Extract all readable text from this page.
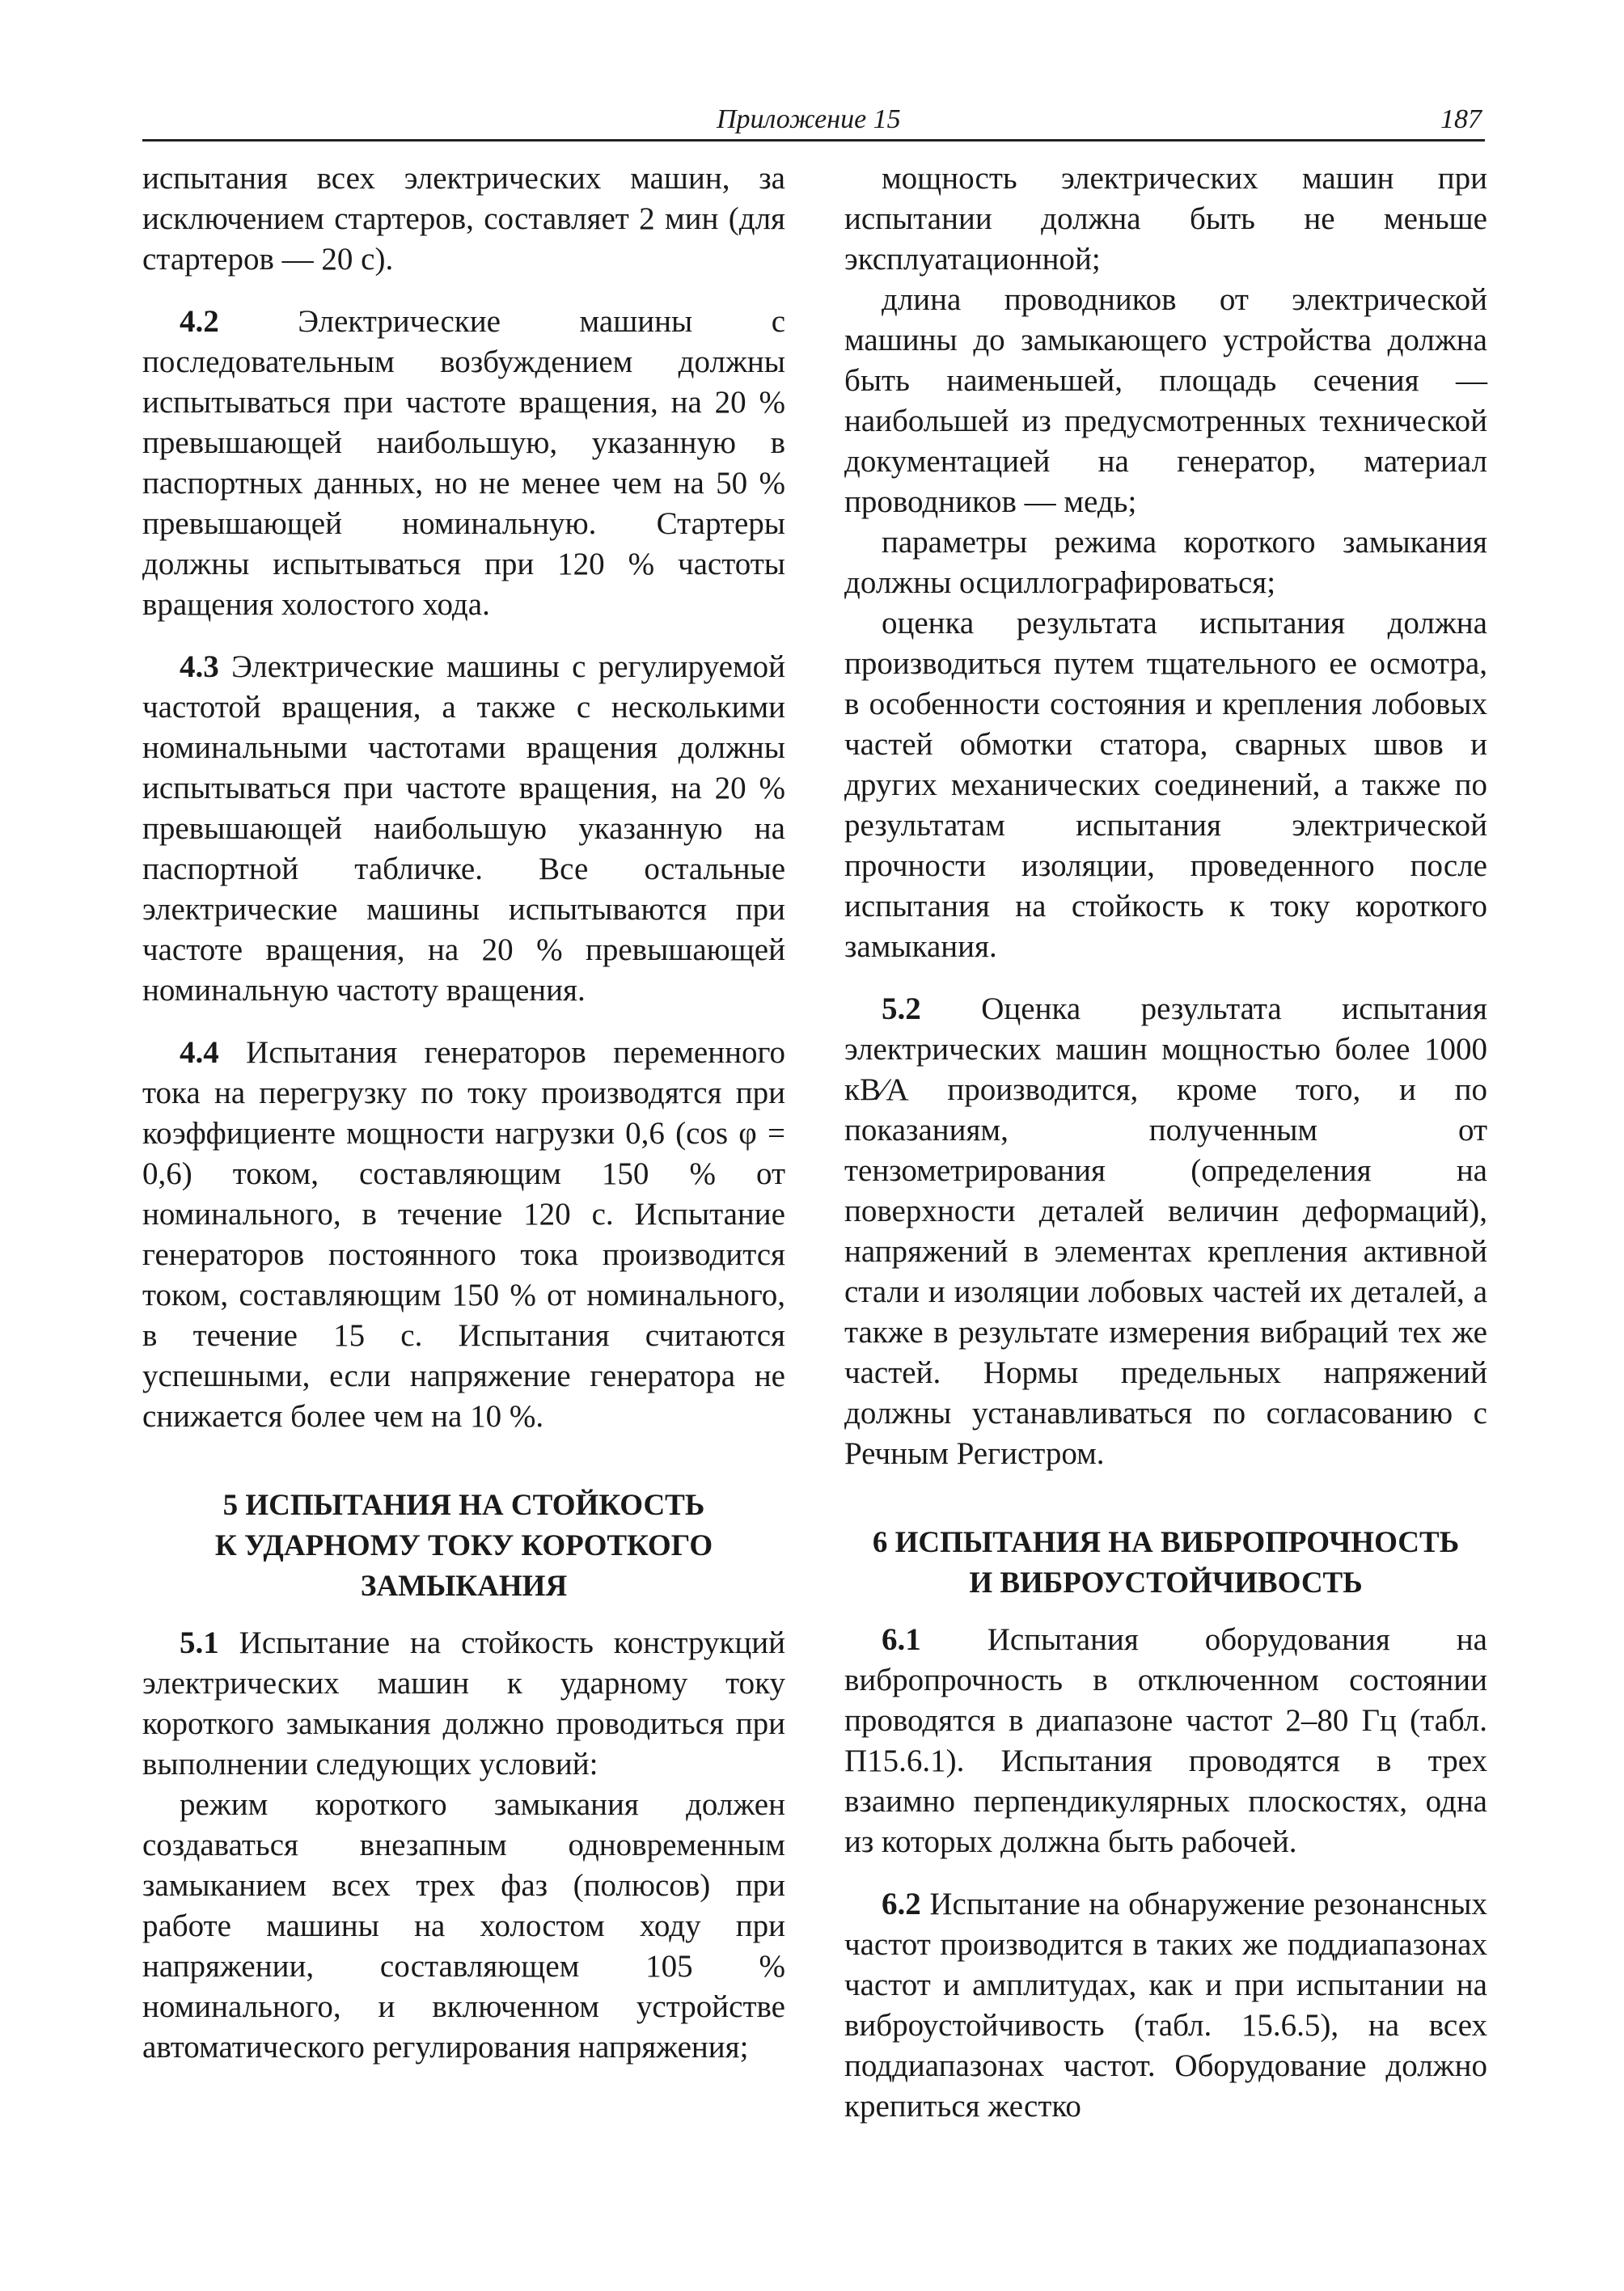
Приложение 15	187

испытания всех электрических машин, за исключением стартеров, составляет 2 мин (для стартеров — 20 с).

4.2 Электрические машины с последовательным возбуждением должны испытываться при частоте вращения, на 20 % превышающей наибольшую, указанную в паспортных данных, но не менее чем на 50 % превышающей номинальную. Стартеры должны испытываться при 120 % частоты вращения холостого хода.

4.3 Электрические машины с регулируемой частотой вращения, а также с несколькими номинальными частотами вращения должны испытываться при частоте вращения, на 20 % превышающей наибольшую указанную на паспортной табличке. Все остальные электрические машины испытываются при частоте вращения, на 20 % превышающей номинальную частоту вращения.

4.4 Испытания генераторов переменного тока на перегрузку по току производятся при коэффициенте мощности нагрузки 0,6 (cos φ = 0,6) током, составляющим 150 % от номинального, в течение 120 с. Испытание генераторов постоянного тока производится током, составляющим 150 % от номинального, в течение 15 с. Испытания считаются успешными, если напряжение генератора не снижается более чем на 10 %.

5 ИСПЫТАНИЯ НА СТОЙКОСТЬ
К УДАРНОМУ ТОКУ КОРОТКОГО
ЗАМЫКАНИЯ

5.1 Испытание на стойкость конструкций электрических машин к ударному току короткого замыкания должно проводиться при выполнении следующих условий:

режим короткого замыкания должен создаваться внезапным одновременным замыканием всех трех фаз (полюсов) при работе машины на холостом ходу при напряжении, составляющем 105 % номинального, и включенном устройстве автоматического регулирования напряжения;

мощность электрических машин при испытании должна быть не меньше эксплуатационной;

длина проводников от электрической машины до замыкающего устройства должна быть наименьшей, площадь сечения — наибольшей из предусмотренных технической документацией на генератор, материал проводников — медь;

параметры режима короткого замыкания должны осциллографироваться;

оценка результата испытания должна производиться путем тщательного ее осмотра, в особенности состояния и крепления лобовых частей обмотки статора, сварных швов и других механических соединений, а также по результатам испытания электрической прочности изоляции, проведенного после испытания на стойкость к току короткого замыкания.

5.2 Оценка результата испытания электрических машин мощностью более 1000 кВ∕А производится, кроме того, и по показаниям, полученным от тензометрирования (определения на поверхности деталей величин деформаций), напряжений в элементах крепления активной стали и изоляции лобовых частей их деталей, а также в результате измерения вибраций тех же частей. Нормы предельных напряжений должны устанавливаться по согласованию с Речным Регистром.

6 ИСПЫТАНИЯ НА ВИБРОПРОЧНОСТЬ
И ВИБРОУСТОЙЧИВОСТЬ

6.1 Испытания оборудования на вибропрочность в отключенном состоянии проводятся в диапазоне частот 2–80 Гц (табл. П15.6.1). Испытания проводятся в трех взаимно перпендикулярных плоскостях, одна из которых должна быть рабочей.

6.2 Испытание на обнаружение резонансных частот производится в таких же поддиапазонах частот и амплитудах, как и при испытании на виброустойчивость (табл. 15.6.5), на всех поддиапазонах частот. Оборудование должно крепиться жестко
